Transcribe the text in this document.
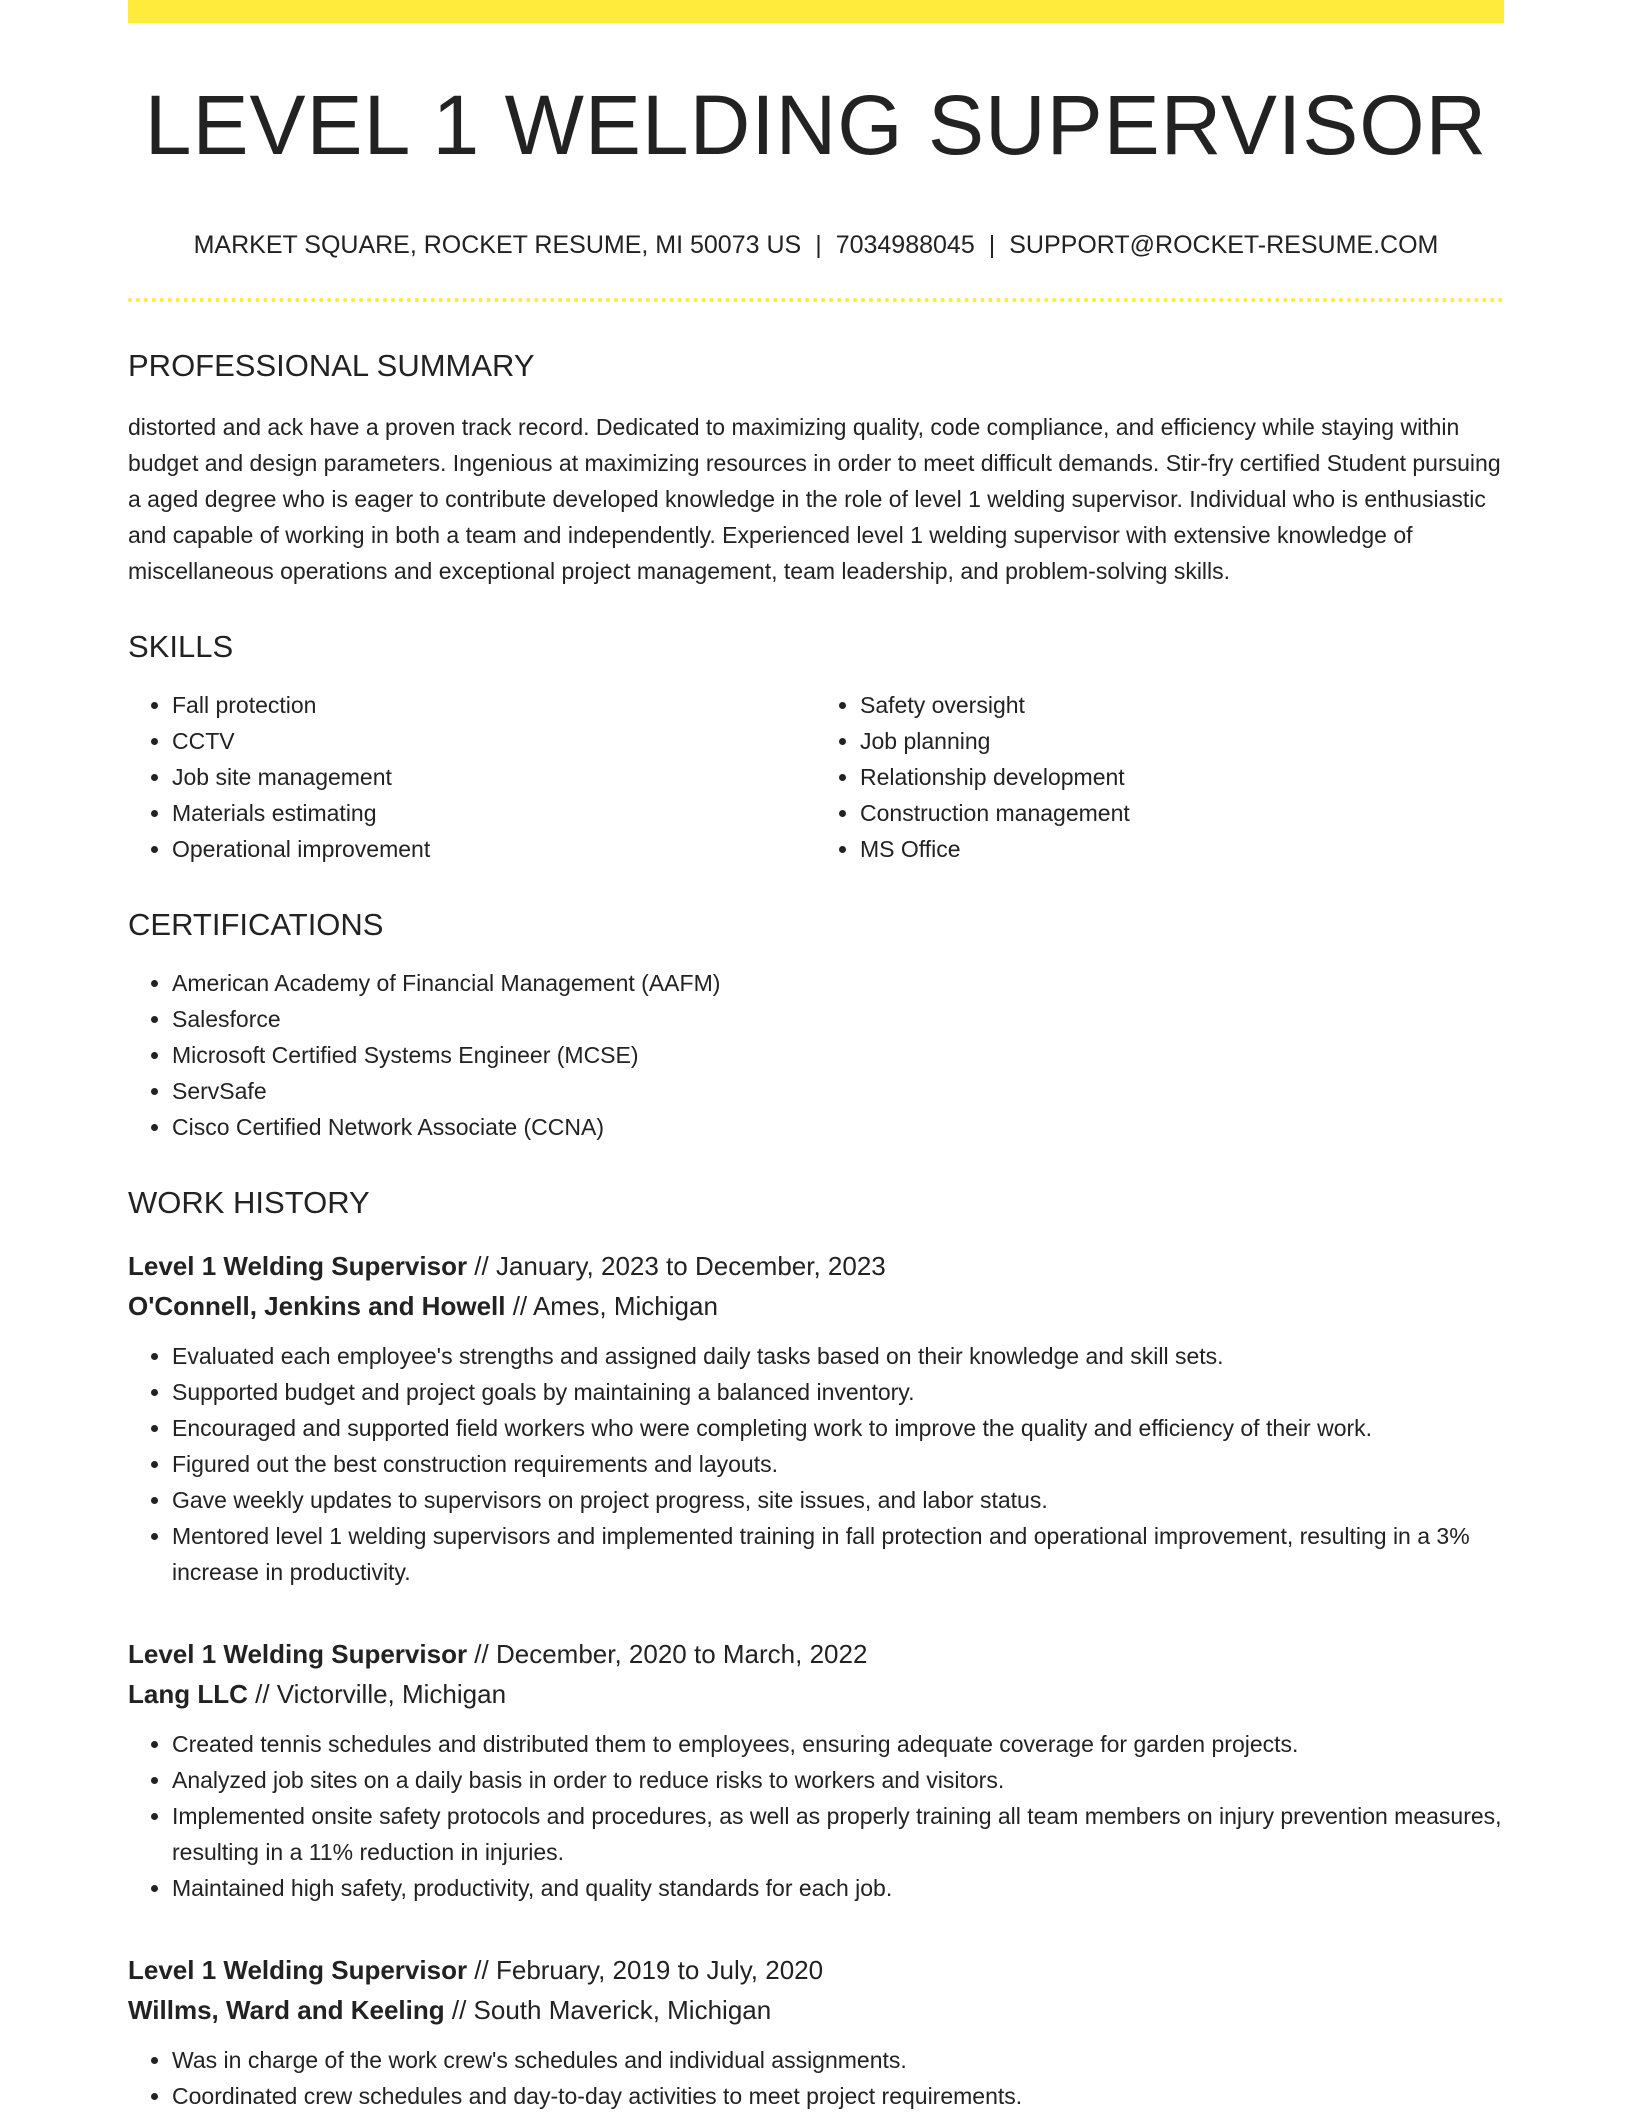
LEVEL 1 WELDING SUPERVISOR
MARKET SQUARE, ROCKET RESUME, MI 50073 US | 7034988045 | SUPPORT@ROCKET-RESUME.COM
PROFESSIONAL SUMMARY
distorted and ack have a proven track record. Dedicated to maximizing quality, code compliance, and efficiency while staying within budget and design parameters. Ingenious at maximizing resources in order to meet difficult demands. Stir-fry certified Student pursuing a aged degree who is eager to contribute developed knowledge in the role of level 1 welding supervisor. Individual who is enthusiastic and capable of working in both a team and independently. Experienced level 1 welding supervisor with extensive knowledge of miscellaneous operations and exceptional project management, team leadership, and problem-solving skills.
SKILLS
• Fall protection
• CCTV
• Job site management
• Materials estimating
• Operational improvement
• Safety oversight
• Job planning
• Relationship development
• Construction management
• MS Office
CERTIFICATIONS
• American Academy of Financial Management (AAFM)
• Salesforce
• Microsoft Certified Systems Engineer (MCSE)
• ServSafe
• Cisco Certified Network Associate (CCNA)
WORK HISTORY
Level 1 Welding Supervisor // January, 2023 to December, 2023
O'Connell, Jenkins and Howell // Ames, Michigan
• Evaluated each employee's strengths and assigned daily tasks based on their knowledge and skill sets.
• Supported budget and project goals by maintaining a balanced inventory.
• Encouraged and supported field workers who were completing work to improve the quality and efficiency of their work.
• Figured out the best construction requirements and layouts.
• Gave weekly updates to supervisors on project progress, site issues, and labor status.
• Mentored level 1 welding supervisors and implemented training in fall protection and operational improvement, resulting in a 3% increase in productivity.
Level 1 Welding Supervisor // December, 2020 to March, 2022
Lang LLC // Victorville, Michigan
• Created tennis schedules and distributed them to employees, ensuring adequate coverage for garden projects.
• Analyzed job sites on a daily basis in order to reduce risks to workers and visitors.
• Implemented onsite safety protocols and procedures, as well as properly training all team members on injury prevention measures, resulting in a 11% reduction in injuries.
• Maintained high safety, productivity, and quality standards for each job.
Level 1 Welding Supervisor // February, 2019 to July, 2020
Willms, Ward and Keeling // South Maverick, Michigan
• Was in charge of the work crew's schedules and individual assignments.
• Coordinated crew schedules and day-to-day activities to meet project requirements.
